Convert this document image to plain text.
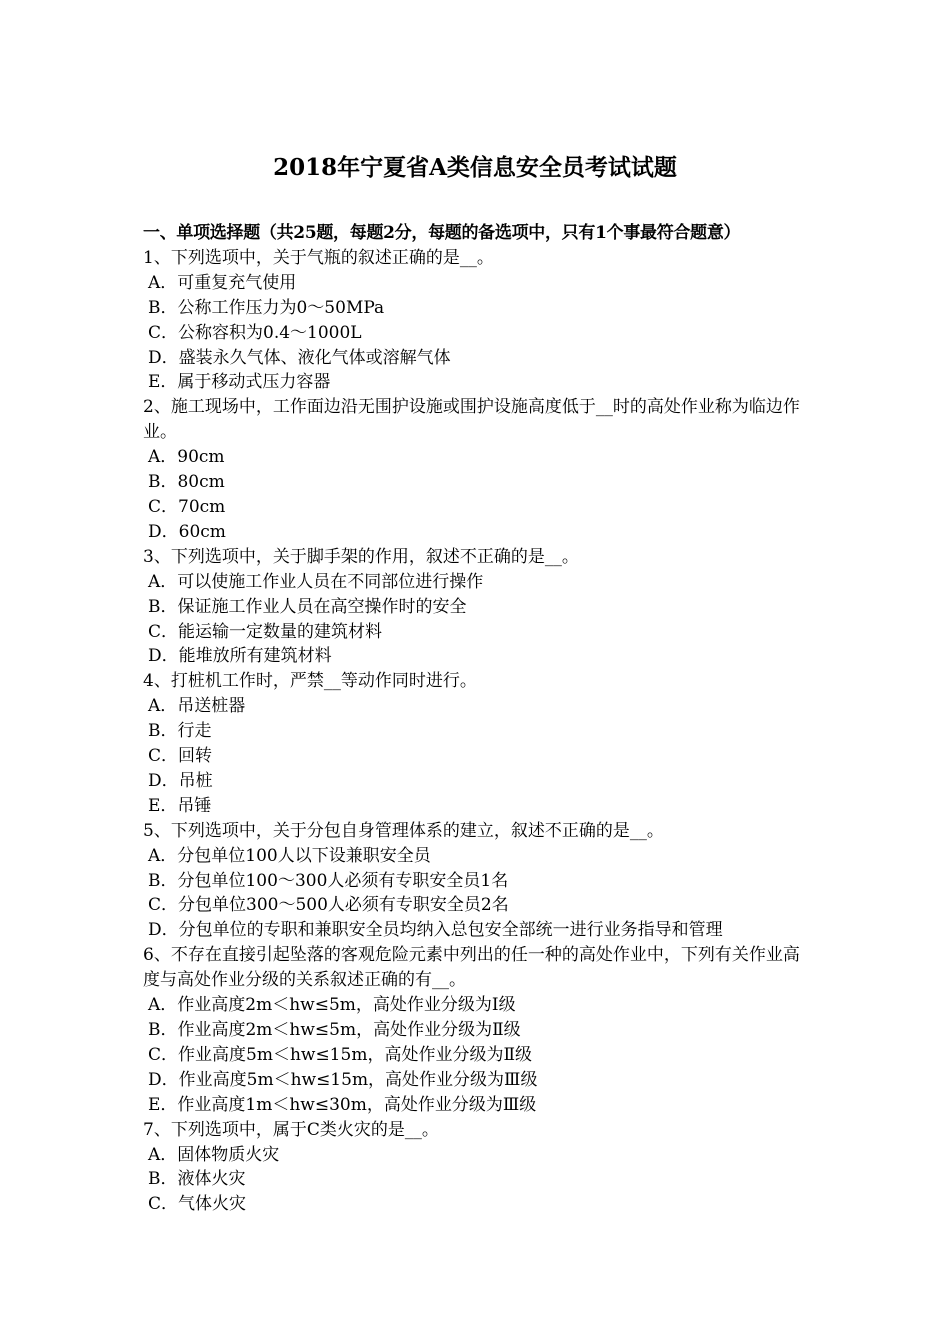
2018年宁夏省A类信息安全员考试试题
一、单项选择题（共25题，每题2分，每题的备选项中，只有1个事最符合题意）
1、下列选项中，关于气瓶的叙述正确的是__。
A．可重复充气使用
B．公称工作压力为0～50MPa
C．公称容积为0.4～1000L
D．盛装永久气体、液化气体或溶解气体
E．属于移动式压力容器
2、施工现场中，工作面边沿无围护设施或围护设施高度低于__时的高处作业称为临边作业。
A．90cm
B．80cm
C．70cm
D．60cm
3、下列选项中，关于脚手架的作用，叙述不正确的是__。
A．可以使施工作业人员在不同部位进行操作
B．保证施工作业人员在高空操作时的安全
C．能运输一定数量的建筑材料
D．能堆放所有建筑材料
4、打桩机工作时，严禁__等动作同时进行。
A．吊送桩器
B．行走
C．回转
D．吊桩
E．吊锤
5、下列选项中，关于分包自身管理体系的建立，叙述不正确的是__。
A．分包单位100人以下设兼职安全员
B．分包单位100～300人必须有专职安全员1名
C．分包单位300～500人必须有专职安全员2名
D．分包单位的专职和兼职安全员均纳入总包安全部统一进行业务指导和管理
6、不存在直接引起坠落的客观危险元素中列出的任一种的高处作业中，下列有关作业高度与高处作业分级的关系叙述正确的有__。
A．作业高度2m＜hw≤5m，高处作业分级为Ⅰ级
B．作业高度2m＜hw≤5m，高处作业分级为Ⅱ级
C．作业高度5m＜hw≤15m，高处作业分级为Ⅱ级
D．作业高度5m＜hw≤15m，高处作业分级为Ⅲ级
E．作业高度1m＜hw≤30m，高处作业分级为Ⅲ级
7、下列选项中，属于C类火灾的是__。
A．固体物质火灾
B．液体火灾
C．气体火灾
